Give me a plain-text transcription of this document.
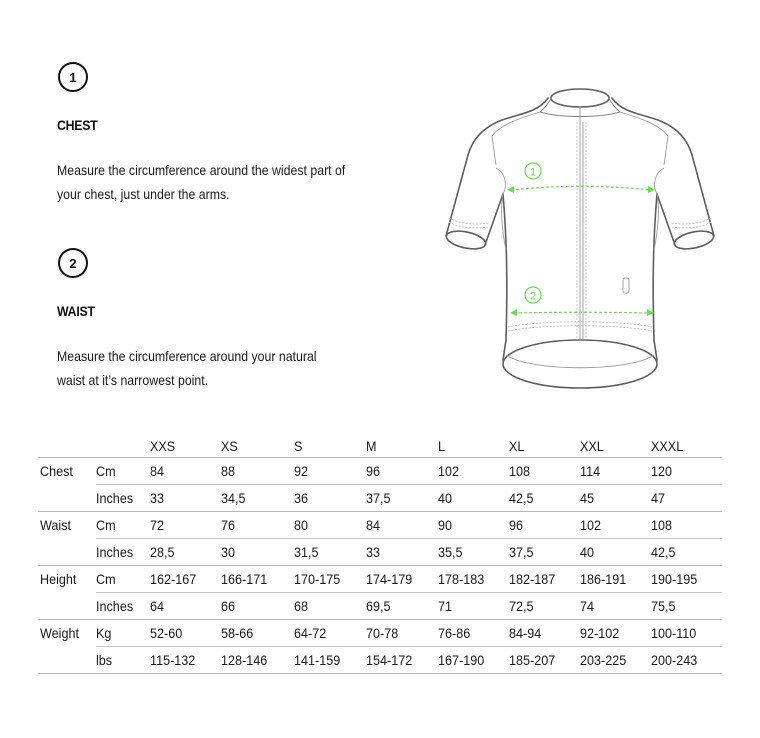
1
CHEST
Measure the circumference around the widest part of
your chest, just under the arms.
2
WAIST
Measure the circumference around your natural
waist at it’s narrowest point.
1
2
XXS	XS	S	M	L	XL	XXL	XXXL
Chest Cm 84	88	92	96	102	108	114	120
Inches 33	34,5	36	37,5	40	42,5	45	47
Waist Cm 72	76	80	84	90	96	102	108
Inches 28,5	30	31,5	33	35,5	37,5	40	42,5
Height Cm 162-167 166-171 170-175 174-179 178-183 182-187 186-191 190-195
Inches 64	66	68	69,5	71	72,5	74	75,5
Weight Kg	52-60	58-66	64-72	70-78	76-86	84-94	92-102 100-110
lbs	115-132 128-146 141-159 154-172 167-190 185-207 203-225 200-243
